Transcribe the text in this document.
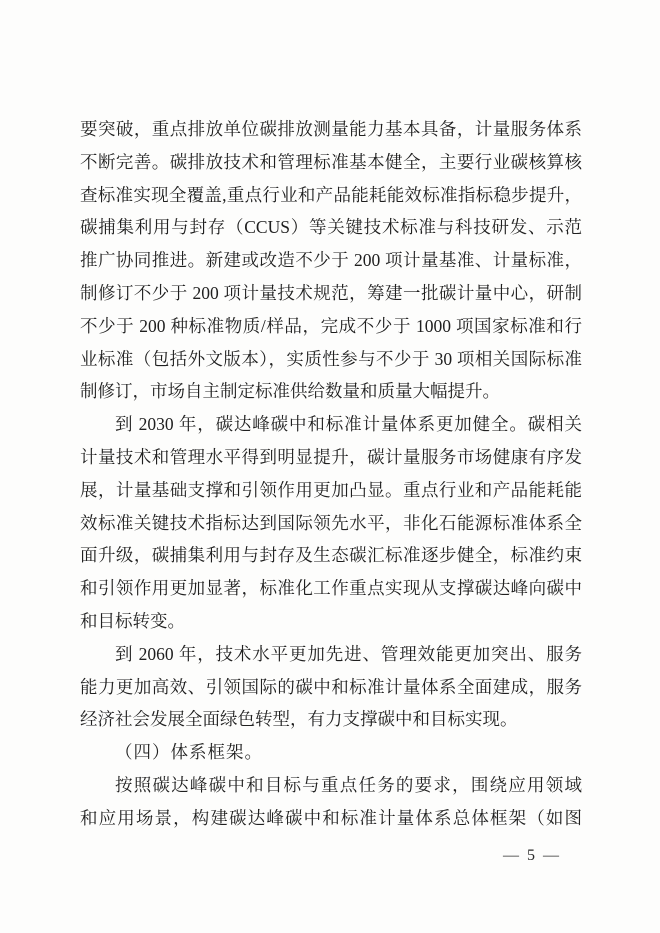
要突破，重点排放单位碳排放测量能力基本具备，计量服务体系
不断完善。碳排放技术和管理标准基本健全，主要行业碳核算核
查标准实现全覆盖,重点行业和产品能耗能效标准指标稳步提升，
碳捕集利用与封存（CCUS）等关键技术标准与科技研发、示范
推广协同推进。新建或改造不少于 200 项计量基准、计量标准，
制修订不少于 200 项计量技术规范，筹建一批碳计量中心，研制
不少于 200 种标准物质/样品，完成不少于 1000 项国家标准和行
业标准（包括外文版本），实质性参与不少于 30 项相关国际标准
制修订，市场自主制定标准供给数量和质量大幅提升。
到 2030 年，碳达峰碳中和标准计量体系更加健全。碳相关
计量技术和管理水平得到明显提升，碳计量服务市场健康有序发
展，计量基础支撑和引领作用更加凸显。重点行业和产品能耗能
效标准关键技术指标达到国际领先水平，非化石能源标准体系全
面升级，碳捕集利用与封存及生态碳汇标准逐步健全，标准约束
和引领作用更加显著，标准化工作重点实现从支撑碳达峰向碳中
和目标转变。
到 2060 年，技术水平更加先进、管理效能更加突出、服务
能力更加高效、引领国际的碳中和标准计量体系全面建成，服务
经济社会发展全面绿色转型，有力支撑碳中和目标实现。
（四）体系框架。
按照碳达峰碳中和目标与重点任务的要求，围绕应用领域
和应用场景，构建碳达峰碳中和标准计量体系总体框架（如图
— 5 —
